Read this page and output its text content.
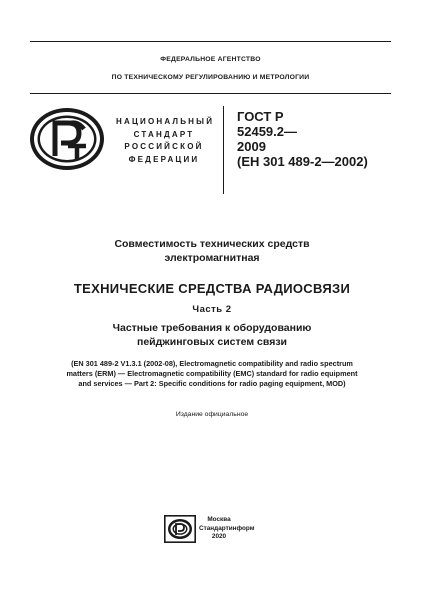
ФЕДЕРАЛЬНОЕ АГЕНТСТВО
ПО ТЕХНИЧЕСКОМУ РЕГУЛИРОВАНИЮ И МЕТРОЛОГИИ
НАЦИОНАЛЬНЫЙ
СТАНДАРТ
РОССИЙСКОЙ
ФЕДЕРАЦИИ
ГОСТ Р
52459.2—
2009
(ЕН 301 489-2—2002)
Совместимость технических средств
электромагнитная
ТЕХНИЧЕСКИЕ СРЕДСТВА РАДИОСВЯЗИ
Часть 2
Частные требования к оборудованию
пейджинговых систем связи
(EN 301 489-2 V1.3.1 (2002-08), Electromagnetic compatibility and radio spectrum
matters (ERM) — Electromagnetic compatibility (EMC) standard for radio equipment
and services — Part 2: Specific conditions for radio paging equipment, MOD)
Издание официальное
Москва
Стандартинформ
2020
